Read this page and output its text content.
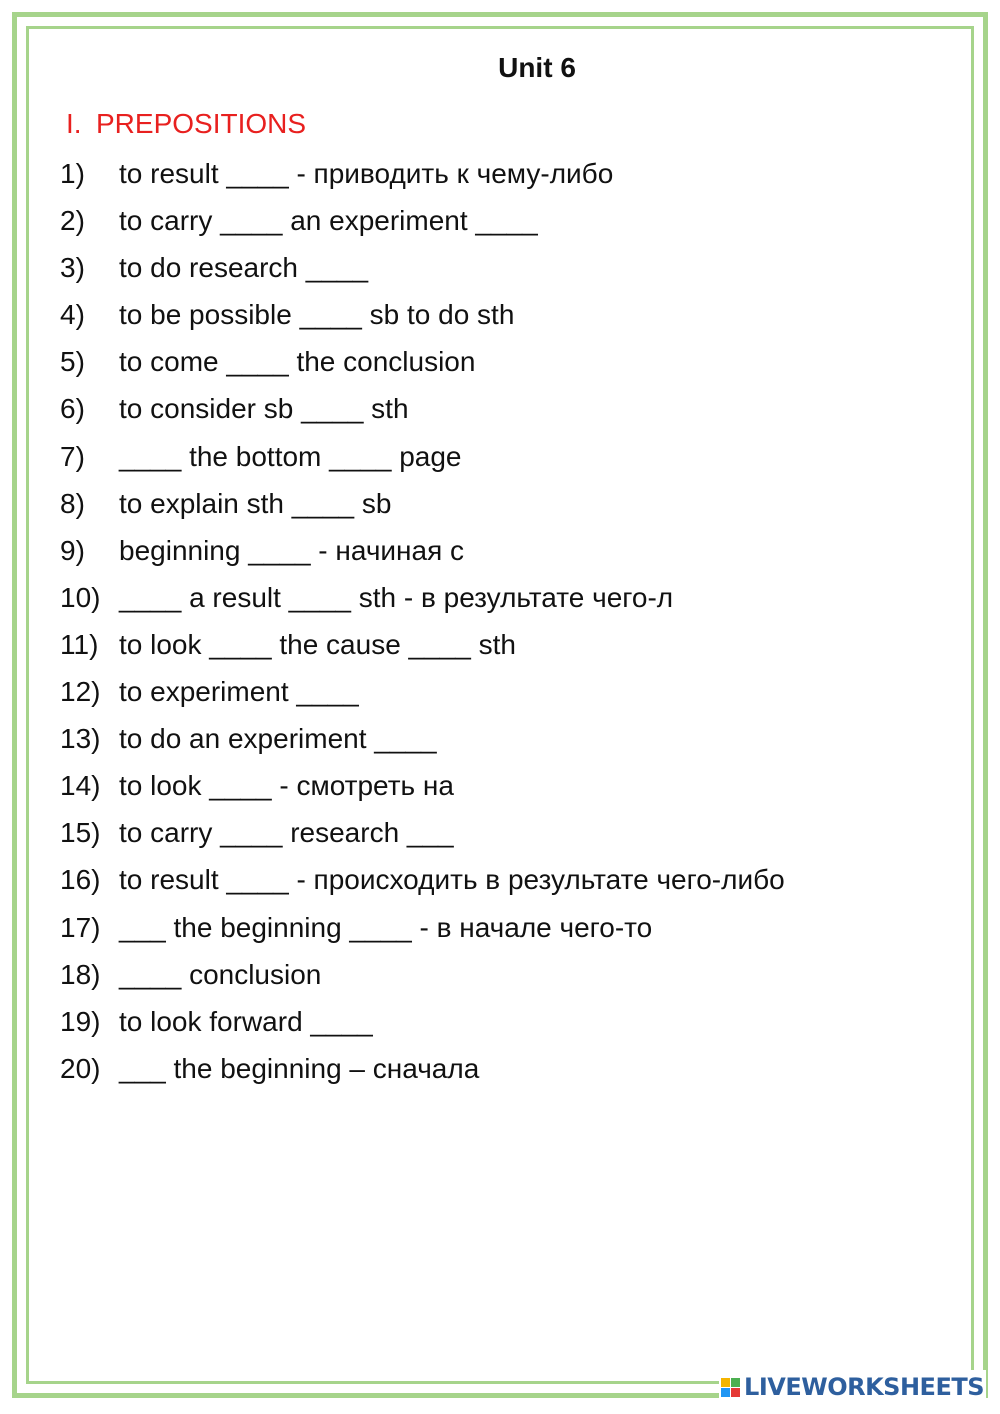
Unit 6
I. PREPOSITIONS
1) to result ____ - приводить к чему-либо
2) to carry ____ an experiment ____
3) to do research ____
4) to be possible ____ sb to do sth
5) to come ____ the conclusion
6) to consider sb ____ sth
7) ____ the bottom ____ page
8) to explain sth ____ sb
9) beginning ____ - начиная с
10) ____ a result ____ sth - в результате чего-л
11) to look ____ the cause ____ sth
12) to experiment ____
13) to do an experiment ____
14) to look ____ - смотреть на
15) to carry ____ research ___
16) to result ____ - происходить в результате чего-либо
17) ___ the beginning ____ - в начале чего-то
18) ____ conclusion
19) to look forward ____
20) ___ the beginning – сначала
LIVEWORKSHEETS
